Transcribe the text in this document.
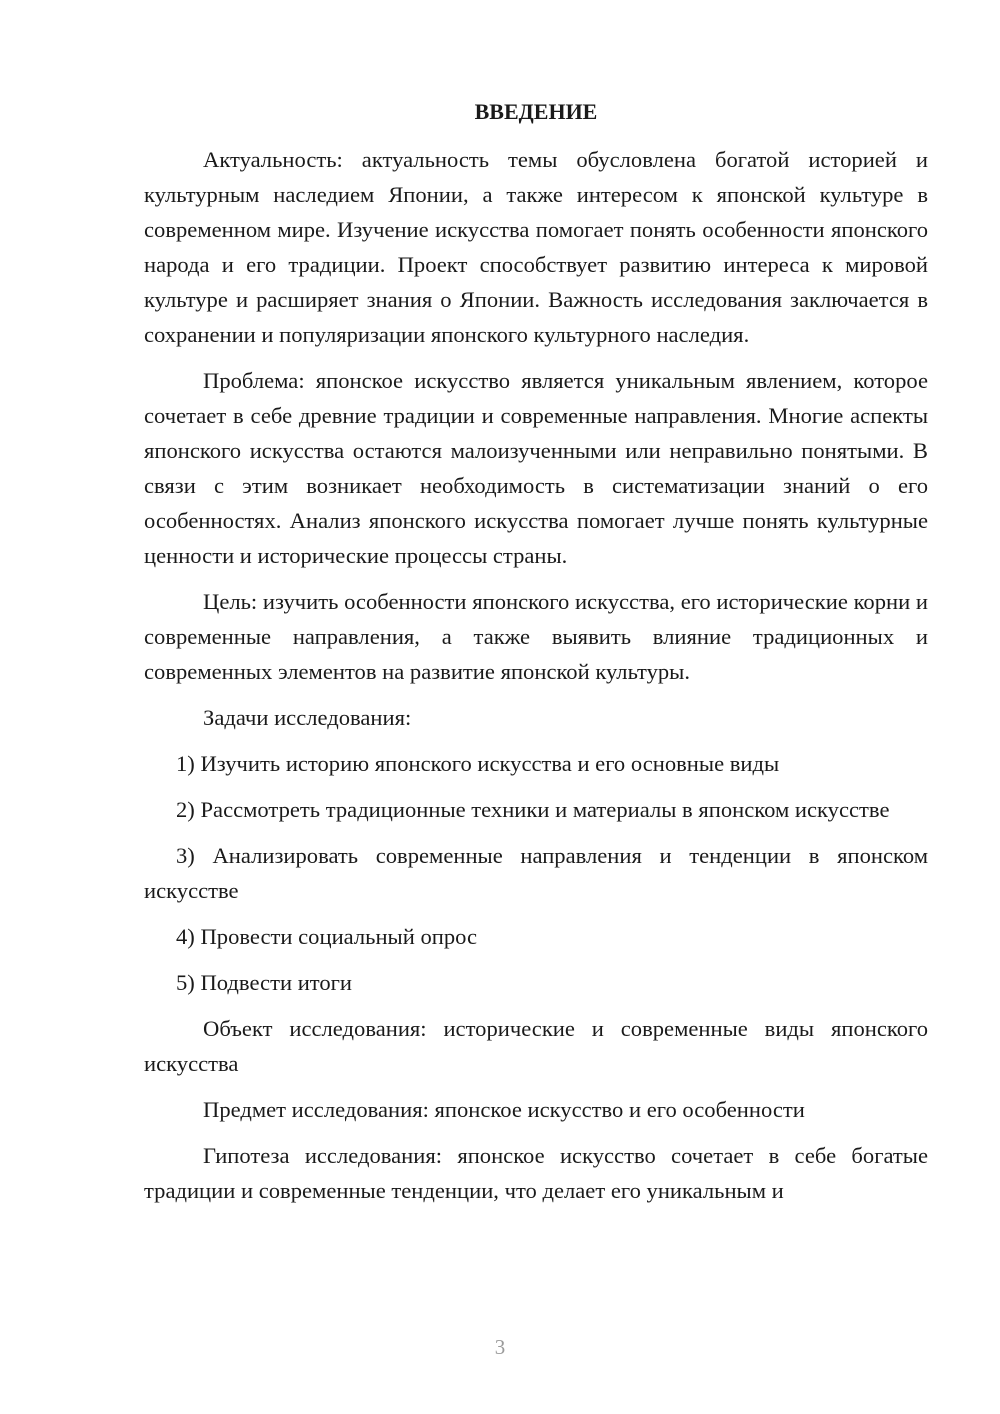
ВВЕДЕНИЕ

Актуальность: актуальность темы обусловлена богатой историей и культурным наследием Японии, а также интересом к японской культуре в современном мире. Изучение искусства помогает понять особенности японского народа и его традиции. Проект способствует развитию интереса к мировой культуре и расширяет знания о Японии. Важность исследования заключается в сохранении и популяризации японского культурного наследия.

Проблема: японское искусство является уникальным явлением, которое сочетает в себе древние традиции и современные направления. Многие аспекты японского искусства остаются малоизученными или неправильно понятыми. В связи с этим возникает необходимость в систематизации знаний о его особенностях. Анализ японского искусства помогает лучше понять культурные ценности и исторические процессы страны.

Цель: изучить особенности японского искусства, его исторические корни и современные направления, а также выявить влияние традиционных и современных элементов на развитие японской культуры.

Задачи исследования:

1) Изучить историю японского искусства и его основные виды

2) Рассмотреть традиционные техники и материалы в японском искусстве

3) Анализировать современные направления и тенденции в японском искусстве

4) Провести социальный опрос

5) Подвести итоги

Объект исследования: исторические и современные виды японского искусства

Предмет исследования: японское искусство и его особенности

Гипотеза исследования: японское искусство сочетает в себе богатые традиции и современные тенденции, что делает его уникальным и

3
